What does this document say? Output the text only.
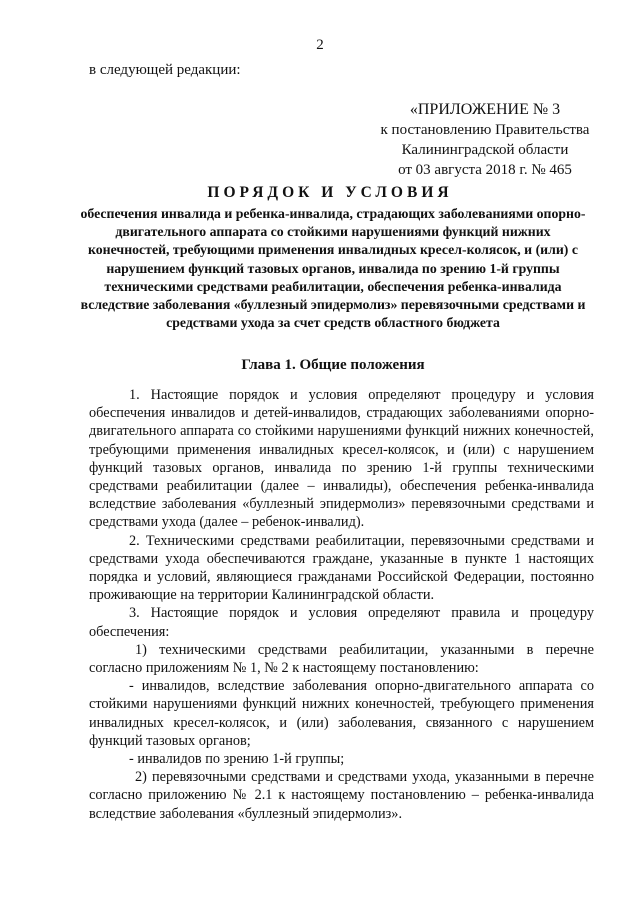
2
в следующей редакции:
«ПРИЛОЖЕНИЕ № 3
к постановлению Правительства
Калининградской области
от 03 августа 2018 г. № 465
ПОРЯДОК И УСЛОВИЯ
обеспечения инвалида и ребенка-инвалида, страдающих заболеваниями опорно-двигательного аппарата со стойкими нарушениями функций нижних конечностей, требующими применения инвалидных кресел-колясок, и (или) с нарушением функций тазовых органов, инвалида по зрению 1-й группы техническими средствами реабилитации, обеспечения ребенка-инвалида вследствие заболевания «буллезный эпидермолиз» перевязочными средствами и средствами ухода за счет средств областного бюджета
Глава 1. Общие положения

1. Настоящие порядок и условия определяют процедуру и условия обеспечения инвалидов и детей-инвалидов, страдающих заболеваниями опорно-двигательного аппарата со стойкими нарушениями функций нижних конечностей, требующими применения инвалидных кресел-колясок, и (или) с нарушением функций тазовых органов, инвалида по зрению 1-й группы техническими средствами реабилитации (далее – инвалиды), обеспечения ребенка-инвалида вследствие заболевания «буллезный эпидермолиз» перевязочными средствами и средствами ухода (далее – ребенок-инвалид).

2. Техническими средствами реабилитации, перевязочными средствами и средствами ухода обеспечиваются граждане, указанные в пункте 1 настоящих порядка и условий, являющиеся гражданами Российской Федерации, постоянно проживающие на территории Калининградской области.

3. Настоящие порядок и условия определяют правила и процедуру обеспечения:

1) техническими средствами реабилитации, указанными в перечне согласно приложениям № 1, № 2 к настоящему постановлению:

- инвалидов, вследствие заболевания опорно-двигательного аппарата со стойкими нарушениями функций нижних конечностей, требующего применения инвалидных кресел-колясок, и (или) заболевания, связанного с нарушением функций тазовых органов;

- инвалидов по зрению 1-й группы;

2) перевязочными средствами и средствами ухода, указанными в перечне согласно приложению № 2.1 к настоящему постановлению – ребенка-инвалида вследствие заболевания «буллезный эпидермолиз».
